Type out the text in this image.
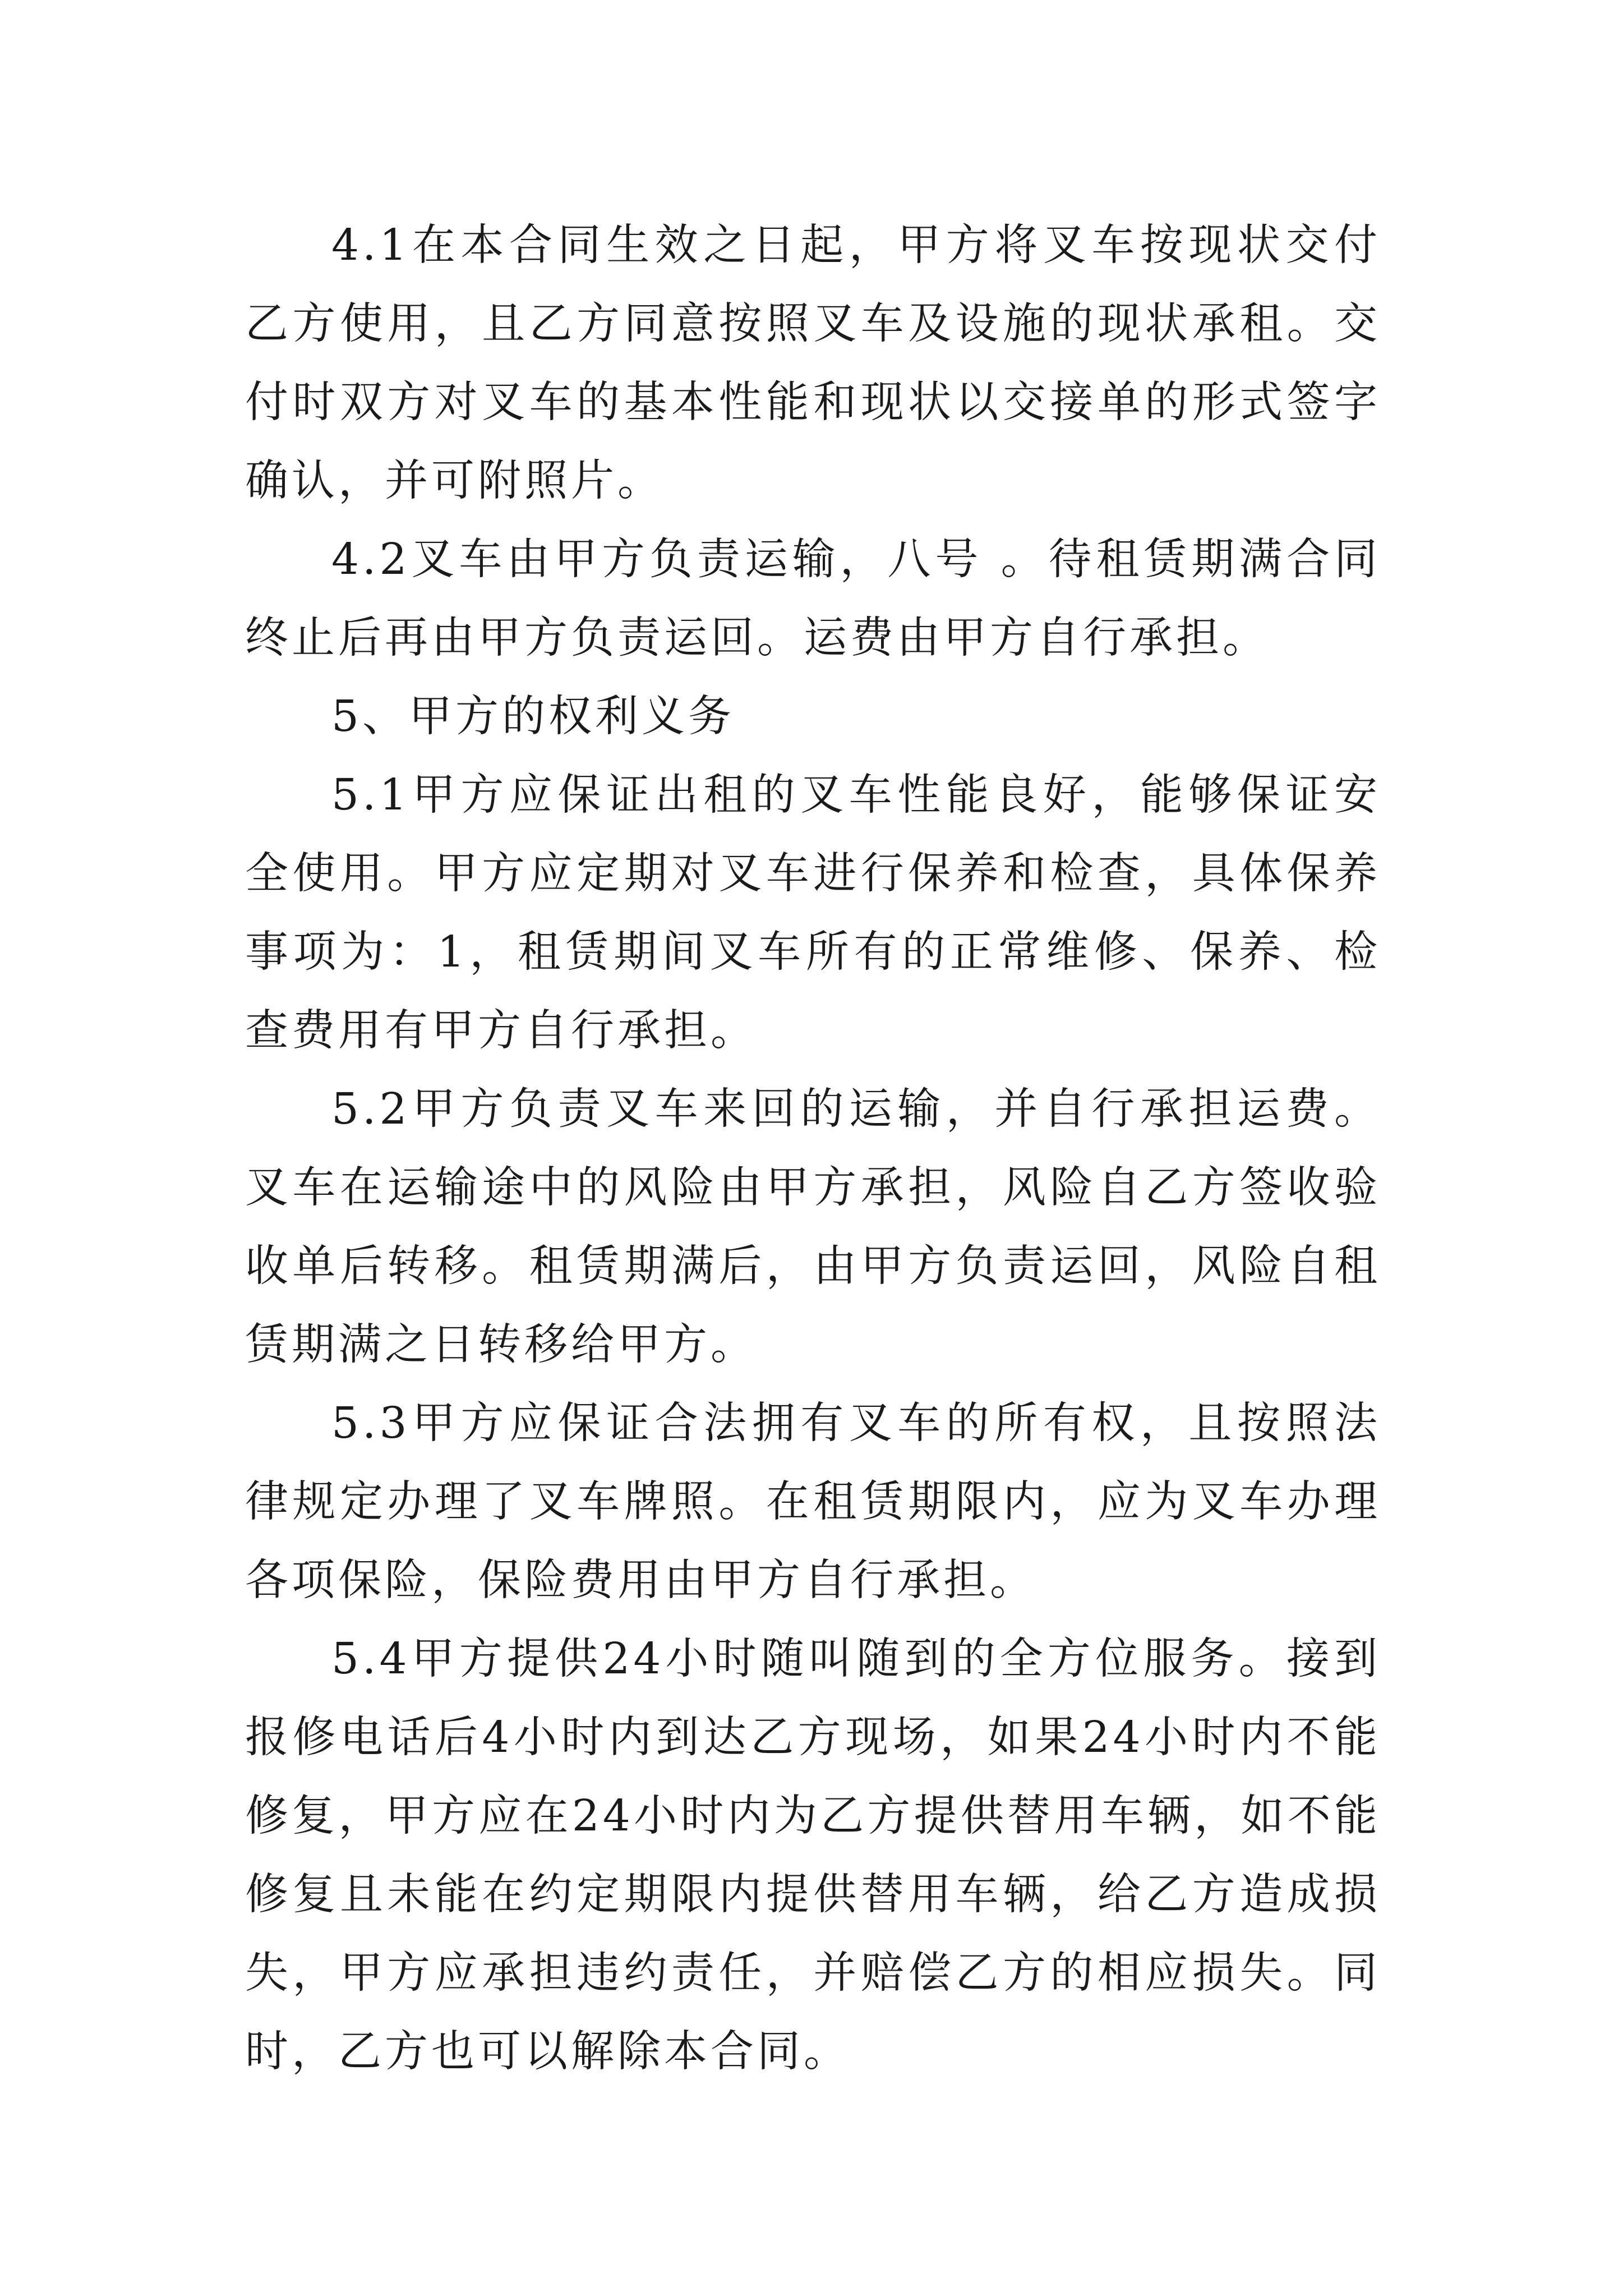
4.1在本合同生效之日起，甲方将叉车按现状交付乙方使用，且乙方同意按照叉车及设施的现状承租。交付时双方对叉车的基本性能和现状以交接单的形式签字确认，并可附照片。

4.2叉车由甲方负责运输，八号 。待租赁期满合同终止后再由甲方负责运回。运费由甲方自行承担。

5、甲方的权利义务

5.1甲方应保证出租的叉车性能良好，能够保证安全使用。甲方应定期对叉车进行保养和检查，具体保养事项为：1，租赁期间叉车所有的正常维修、保养、检查费用有甲方自行承担。

5.2甲方负责叉车来回的运输，并自行承担运费。叉车在运输途中的风险由甲方承担，风险自乙方签收验收单后转移。租赁期满后，由甲方负责运回，风险自租赁期满之日转移给甲方。

5.3甲方应保证合法拥有叉车的所有权，且按照法律规定办理了叉车牌照。在租赁期限内，应为叉车办理各项保险，保险费用由甲方自行承担。

5.4甲方提供24小时随叫随到的全方位服务。接到报修电话后4小时内到达乙方现场，如果24小时内不能修复，甲方应在24小时内为乙方提供替用车辆，如不能修复且未能在约定期限内提供替用车辆，给乙方造成损失，甲方应承担违约责任，并赔偿乙方的相应损失。同时，乙方也可以解除本合同。
